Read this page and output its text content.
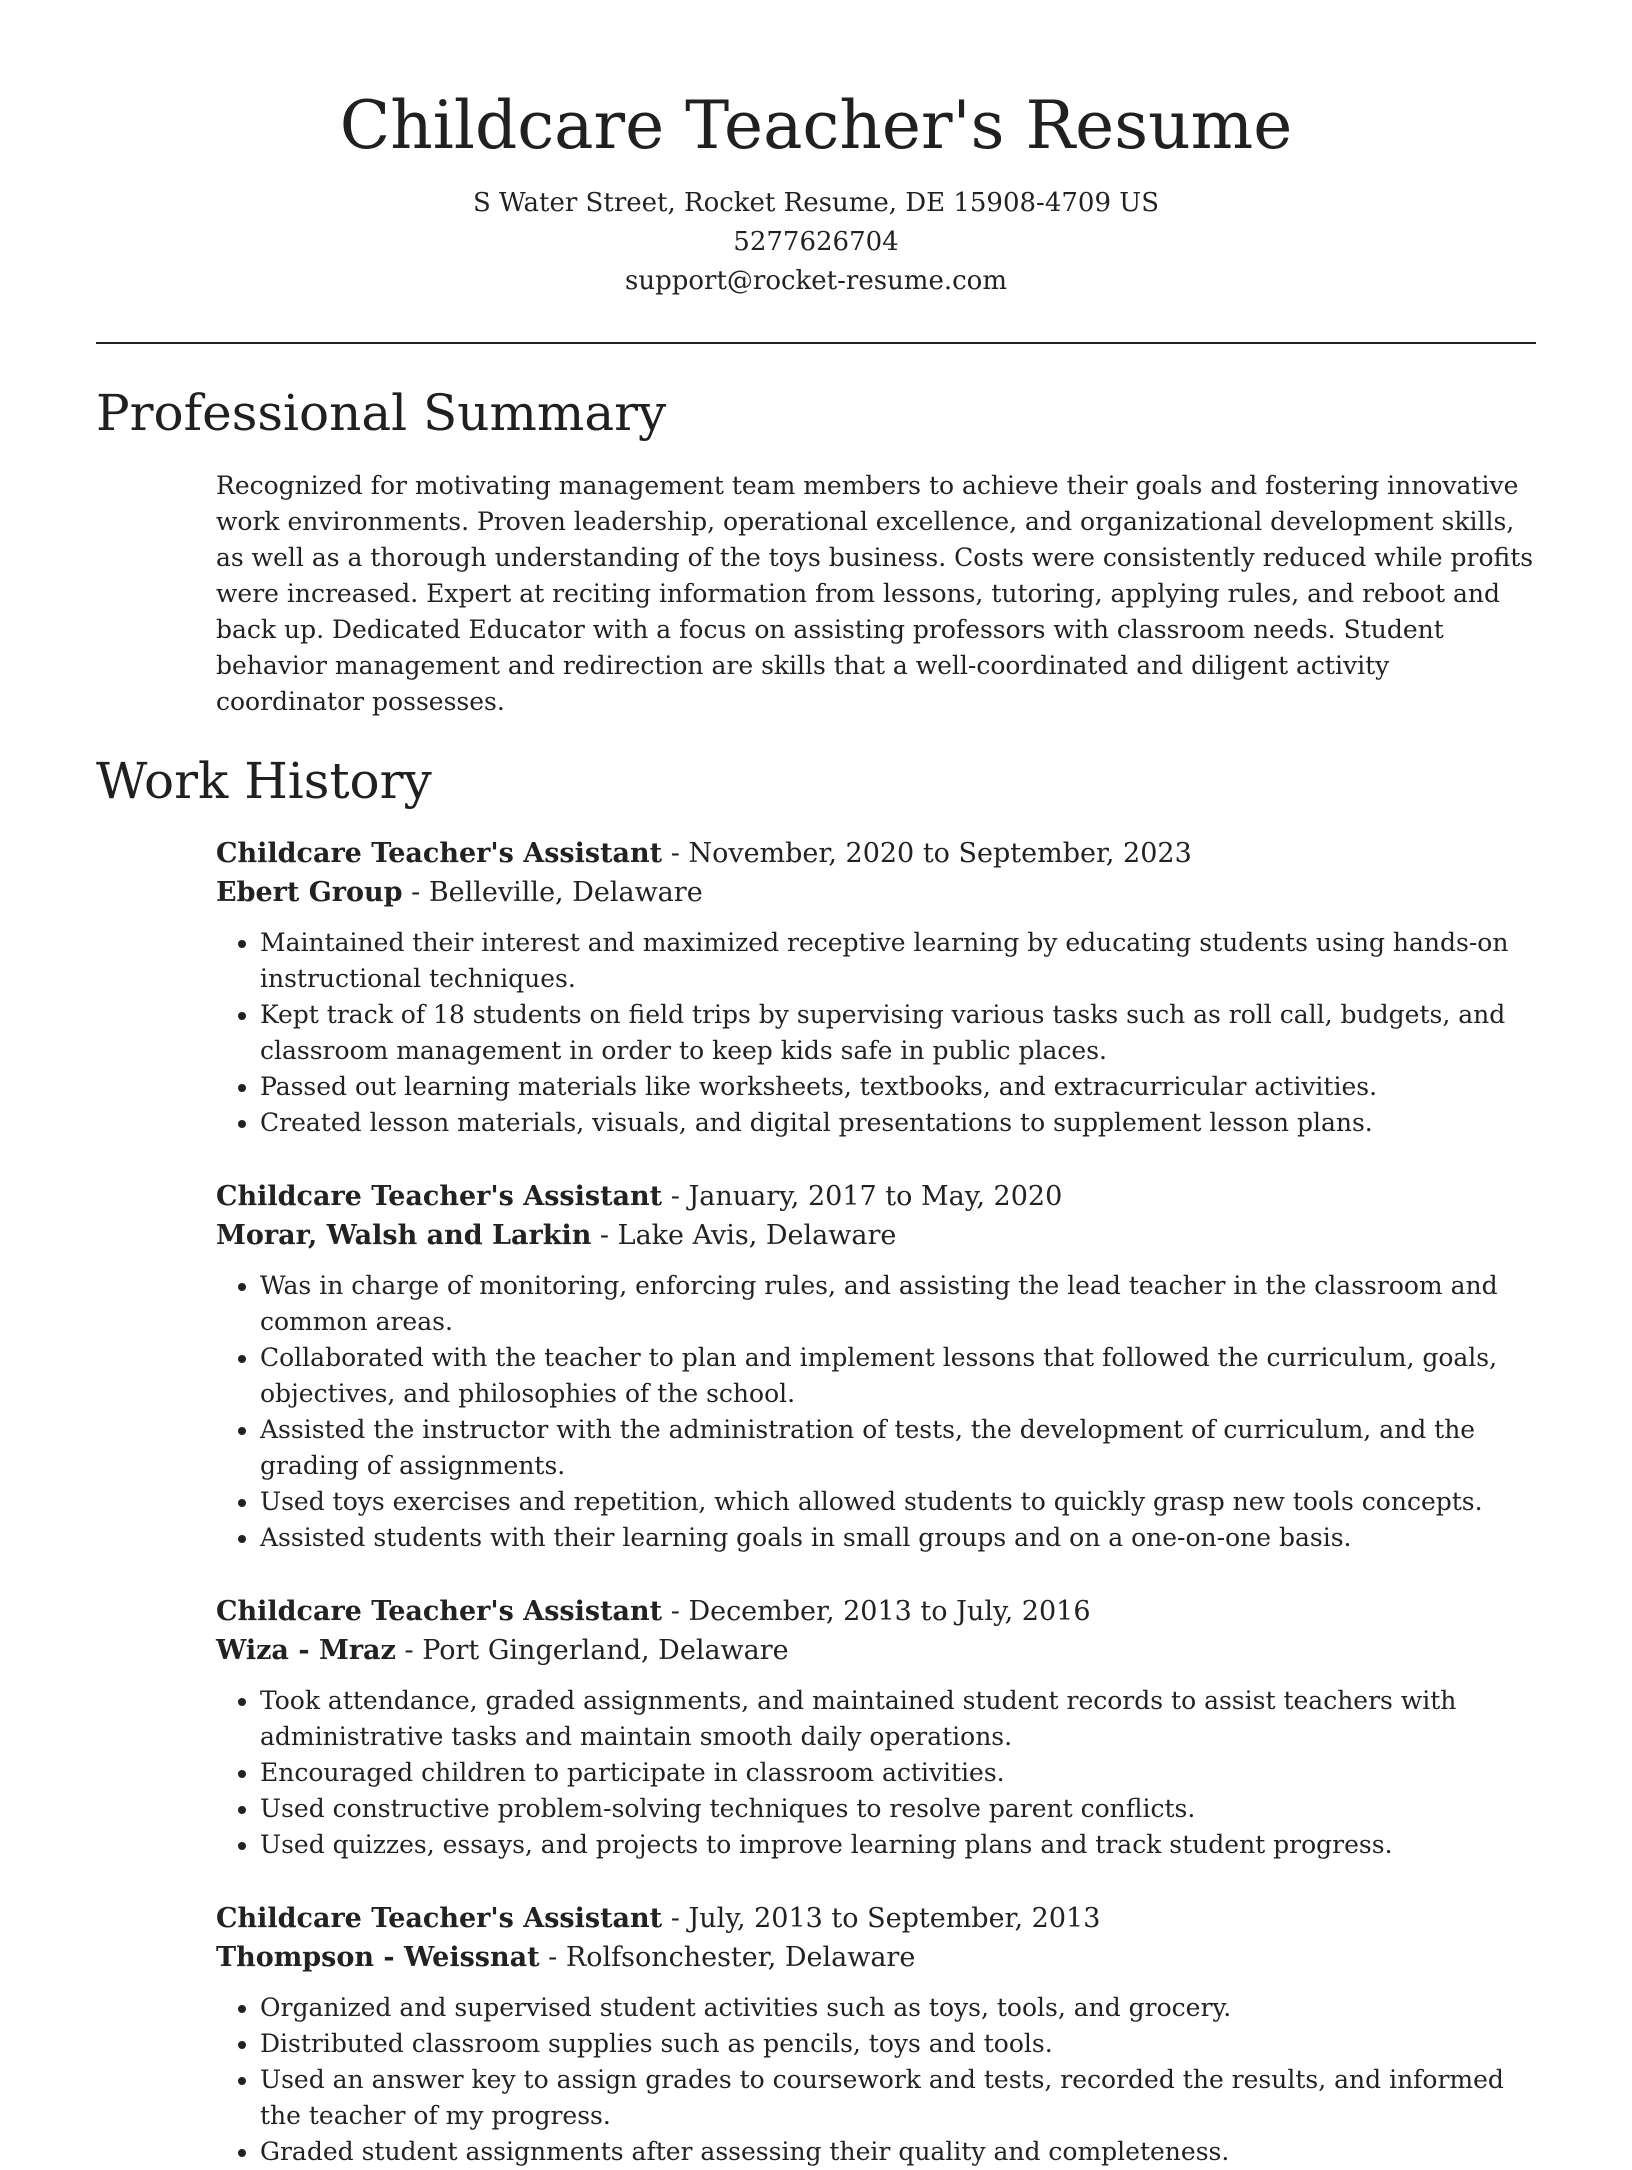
Childcare Teacher's Resume
S Water Street, Rocket Resume, DE 15908-4709 US
5277626704
support@rocket-resume.com
Professional Summary
Recognized for motivating management team members to achieve their goals and fostering innovative work environments. Proven leadership, operational excellence, and organizational development skills, as well as a thorough understanding of the toys business. Costs were consistently reduced while profits were increased. Expert at reciting information from lessons, tutoring, applying rules, and reboot and back up. Dedicated Educator with a focus on assisting professors with classroom needs. Student behavior management and redirection are skills that a well-coordinated and diligent activity coordinator possesses.
Work History
Childcare Teacher's Assistant - November, 2020 to September, 2023
Ebert Group - Belleville, Delaware
• Maintained their interest and maximized receptive learning by educating students using hands-on instructional techniques.
• Kept track of 18 students on field trips by supervising various tasks such as roll call, budgets, and classroom management in order to keep kids safe in public places.
• Passed out learning materials like worksheets, textbooks, and extracurricular activities.
• Created lesson materials, visuals, and digital presentations to supplement lesson plans.
Childcare Teacher's Assistant - January, 2017 to May, 2020
Morar, Walsh and Larkin - Lake Avis, Delaware
• Was in charge of monitoring, enforcing rules, and assisting the lead teacher in the classroom and common areas.
• Collaborated with the teacher to plan and implement lessons that followed the curriculum, goals, objectives, and philosophies of the school.
• Assisted the instructor with the administration of tests, the development of curriculum, and the grading of assignments.
• Used toys exercises and repetition, which allowed students to quickly grasp new tools concepts.
• Assisted students with their learning goals in small groups and on a one-on-one basis.
Childcare Teacher's Assistant - December, 2013 to July, 2016
Wiza - Mraz - Port Gingerland, Delaware
• Took attendance, graded assignments, and maintained student records to assist teachers with administrative tasks and maintain smooth daily operations.
• Encouraged children to participate in classroom activities.
• Used constructive problem-solving techniques to resolve parent conflicts.
• Used quizzes, essays, and projects to improve learning plans and track student progress.
Childcare Teacher's Assistant - July, 2013 to September, 2013
Thompson - Weissnat - Rolfsonchester, Delaware
• Organized and supervised student activities such as toys, tools, and grocery.
• Distributed classroom supplies such as pencils, toys and tools.
• Used an answer key to assign grades to coursework and tests, recorded the results, and informed the teacher of my progress.
• Graded student assignments after assessing their quality and completeness.
